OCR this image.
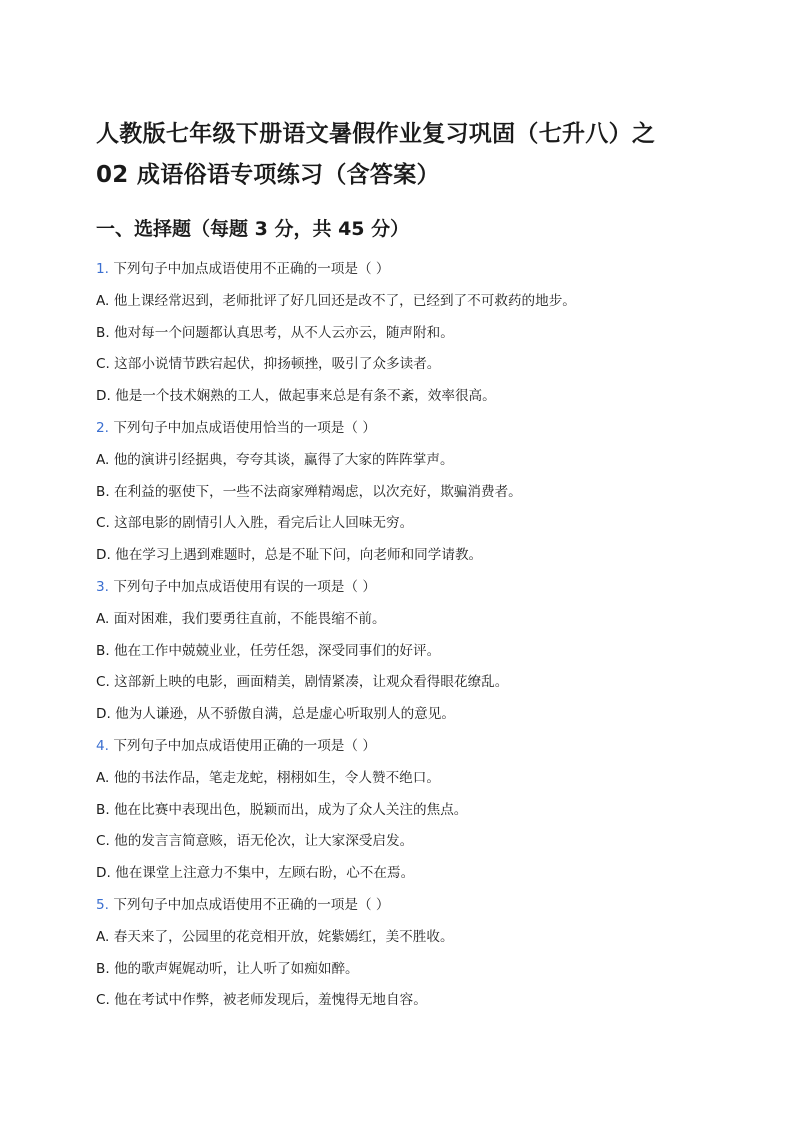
人教版七年级下册语文暑假作业复习巩固（七升八）之
02 成语俗语专项练习（含答案）
一、选择题（每题 3 分，共 45 分）
1. 下列句子中加点成语使用不正确的一项是（ ）
A. 他上课经常迟到，老师批评了好几回还是改不了，已经到了不可救药的地步。
B. 他对每一个问题都认真思考，从不人云亦云，随声附和。
C. 这部小说情节跌宕起伏，抑扬顿挫，吸引了众多读者。
D. 他是一个技术娴熟的工人，做起事来总是有条不紊，效率很高。
2. 下列句子中加点成语使用恰当的一项是（ ）
A. 他的演讲引经据典，夸夸其谈，赢得了大家的阵阵掌声。
B. 在利益的驱使下，一些不法商家殚精竭虑，以次充好，欺骗消费者。
C. 这部电影的剧情引人入胜，看完后让人回味无穷。
D. 他在学习上遇到难题时，总是不耻下问，向老师和同学请教。
3. 下列句子中加点成语使用有误的一项是（ ）
A. 面对困难，我们要勇往直前，不能畏缩不前。
B. 他在工作中兢兢业业，任劳任怨，深受同事们的好评。
C. 这部新上映的电影，画面精美，剧情紧凑，让观众看得眼花缭乱。
D. 他为人谦逊，从不骄傲自满，总是虚心听取别人的意见。
4. 下列句子中加点成语使用正确的一项是（ ）
A. 他的书法作品，笔走龙蛇，栩栩如生，令人赞不绝口。
B. 他在比赛中表现出色，脱颖而出，成为了众人关注的焦点。
C. 他的发言言简意赅，语无伦次，让大家深受启发。
D. 他在课堂上注意力不集中，左顾右盼，心不在焉。
5. 下列句子中加点成语使用不正确的一项是（ ）
A. 春天来了，公园里的花竞相开放，姹紫嫣红，美不胜收。
B. 他的歌声娓娓动听，让人听了如痴如醉。
C. 他在考试中作弊，被老师发现后，羞愧得无地自容。
